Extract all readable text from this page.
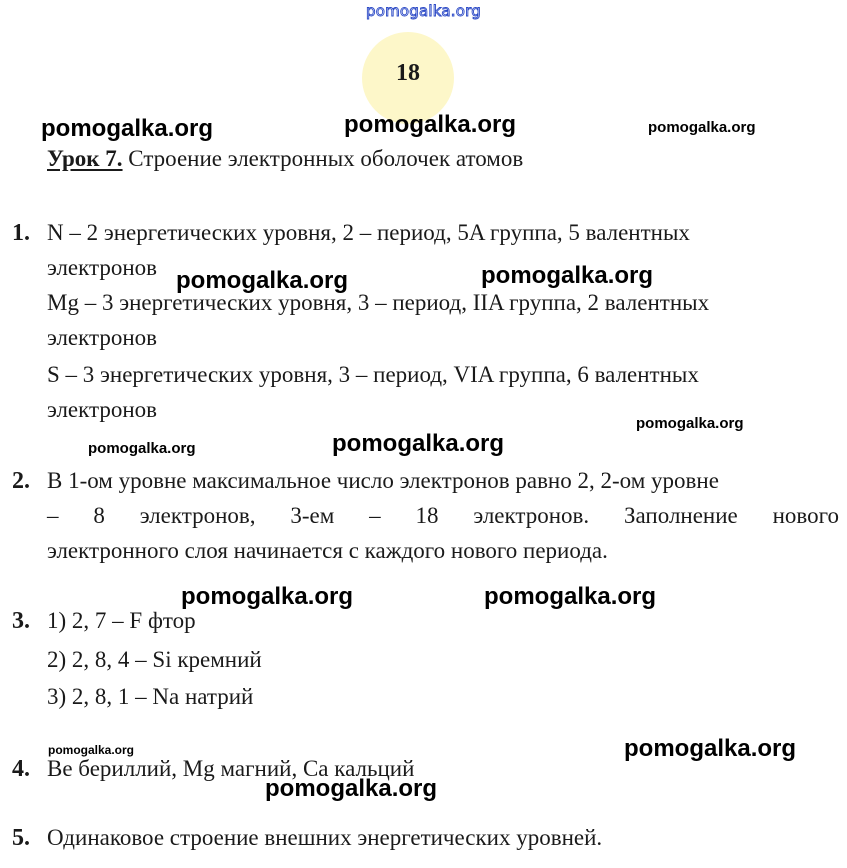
pomogalka.org
18
pomogalka.org	pomogalka.org	pomogalka.org
pomogalka.org	pomogalka.org
pomogalka.org	pomogalka.org
pomogalka.org
pomogalka.org	pomogalka.org
pomogalka.org	pomogalka.org
pomogalka.org
Урок 7. Строение электронных оболочек атомов
1. N – 2 энергетических уровня, 2 – период, 5A группа, 5 валентных
электронов
Mg – 3 энергетических уровня, 3 – период, IIA группа, 2 валентных
электронов
S – 3 энергетических уровня, 3 – период, VIA группа, 6 валентных
электронов
2. В 1-ом уровне максимальное число электронов равно 2, 2-ом уровне
– 8 электронов, 3-ем – 18 электронов. Заполнение нового
электронного слоя начинается с каждого нового периода.
3. 1) 2, 7 – F фтор
2) 2, 8, 4 – Si кремний
3) 2, 8, 1 – Na натрий
4. Be бериллий, Mg магний, Ca кальций
5. Одинаковое строение внешних энергетических уровней.
